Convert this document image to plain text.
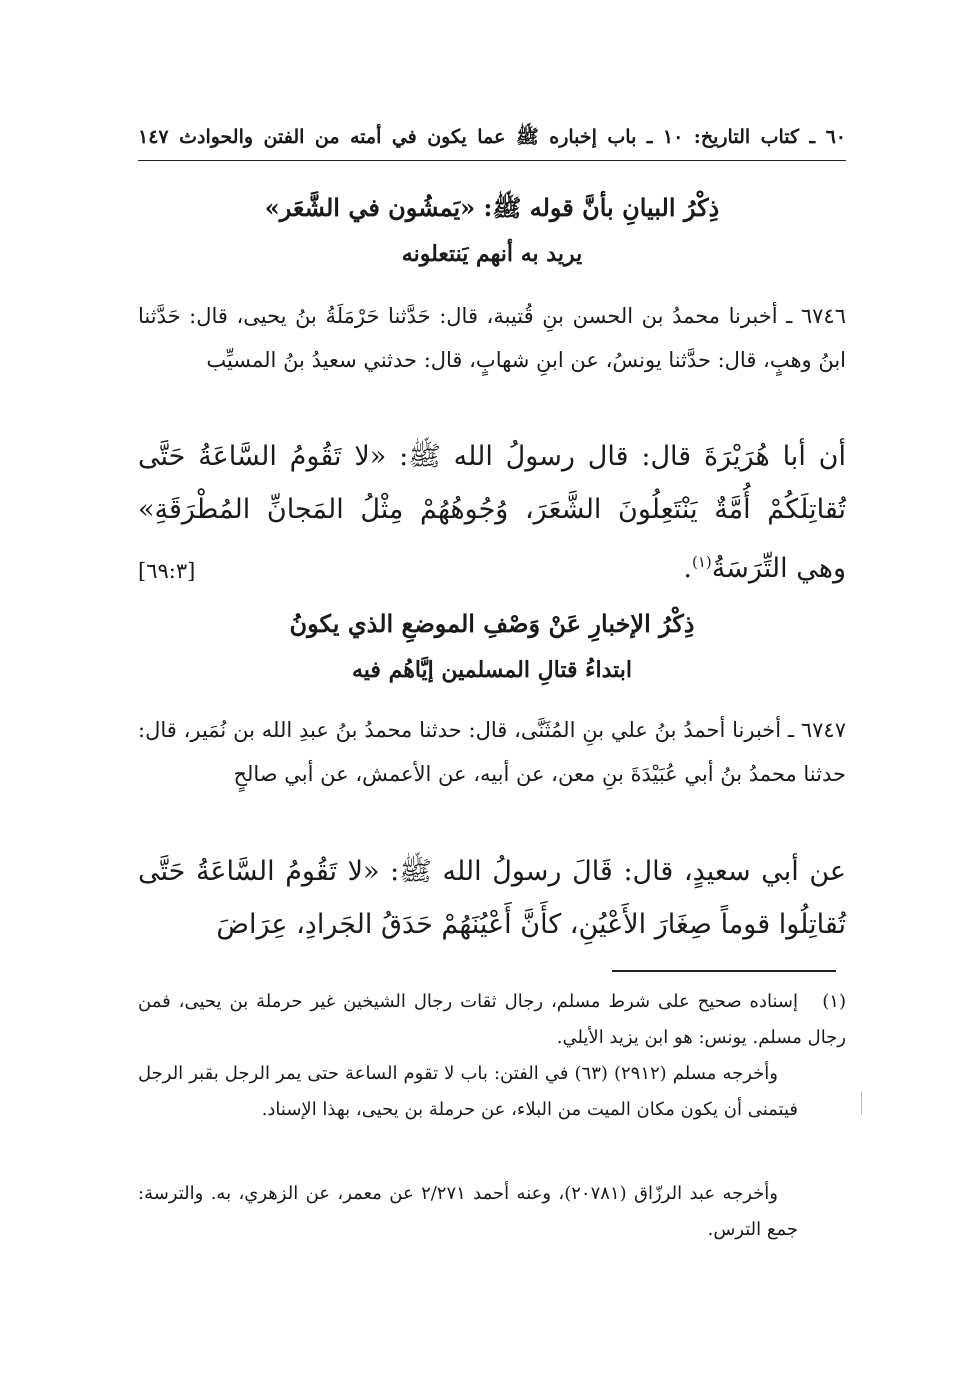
٦٠ ـ كتاب التاريخ: ١٠ ـ باب إخباره ﷺ عما يكون في أمته من الفتن والحوادث ١٤٧
ذِكْرُ البيانِ بأنَّ قوله ﷺ: «يَمشُون في الشَّعَر»
يريد به أنهم يَنتعلونه
٦٧٤٦ ـ أخبرنا محمدُ بن الحسن بنِ قُتيبة، قال: حَدَّثنا حَرْمَلَةُ بنُ يحيى، قال: حَدَّثنا ابنُ وهبٍ، قال: حدَّثنا يونسُ، عن ابنِ شهابٍ، قال: حدثني سعيدُ بنُ المسيِّب
أن أبا هُرَيْرَةَ قال: قال رسولُ الله ﷺ: «لا تَقُومُ السَّاعَةُ حَتَّى تُقاتِلَكُمْ أُمَّةٌ يَنْتَعِلُونَ الشَّعَرَ، وُجُوهُهُمْ مِثْلُ المَجانِّ المُطْرَقَةِ» وهي التِّرَسَةُ$^{(١)}$.
[٦٩:٣]
ذِكْرُ الإخبارِ عَنْ وَصْفِ الموضعِ الذي يكونُ
ابتداءُ قتالِ المسلمين إيَّاهُم فيه
٦٧٤٧ ـ أخبرنا أحمدُ بنُ علي بنِ المُثَنَّى، قال: حدثنا محمدُ بنُ عبدِ الله بن نُمَير، قال: حدثنا محمدُ بنُ أبي عُبَيْدَةَ بنِ معن، عن أبيه، عن الأعمش، عن أبي صالحٍ
عن أبي سعيدٍ، قال: قَالَ رسولُ الله ﷺ: «لا تَقُومُ السَّاعَةُ حَتَّى تُقاتِلُوا قوماً صِغَارَ الأَعْيُنِ، كأَنَّ أَعْيُنَهُمْ حَدَقُ الجَرادِ، عِرَاضَ
(١)إسناده صحيح على شرط مسلم، رجال ثقات رجال الشيخين غير حرملة بن يحيى، فمن رجال مسلم. يونس: هو ابن يزيد الأيلي.
وأخرجه مسلم (٢٩١٢) (٦٣) في الفتن: باب لا تقوم الساعة حتى يمر الرجل بقبر الرجل فيتمنى أن يكون مكان الميت من البلاء، عن حرملة بن يحيى، بهذا الإسناد.
وأخرجه عبد الرزّاق (٢٠٧٨١)، وعنه أحمد ٢/٢٧١ عن معمر، عن الزهري، به. والترسة: جمع الترس.
